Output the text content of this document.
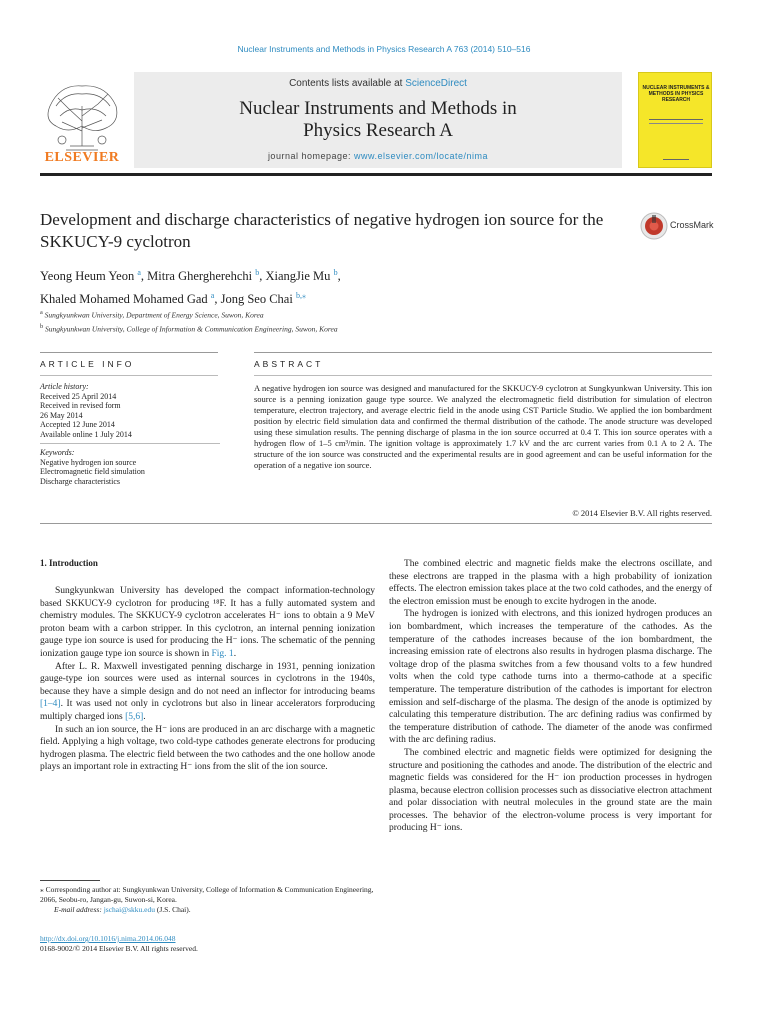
Nuclear Instruments and Methods in Physics Research A 763 (2014) 510–516
ELSEVIER
Contents lists available at ScienceDirect
Nuclear Instruments and Methods in
Physics Research A
journal homepage: www.elsevier.com/locate/nima
NUCLEAR INSTRUMENTS & METHODS IN PHYSICS RESEARCH
Development and discharge characteristics of negative hydrogen ion source for the SKKUCY-9 cyclotron
CrossMark
Yeong Heum Yeon $^a$, Mitra Ghergherehchi $^b$, XiangJie Mu $^b$,
Khaled Mohamed Mohamed Gad $^a$, Jong Seo Chai $^{b,⁎}$
$^a$ Sungkyunkwan University, Department of Energy Science, Suwon, Korea
$^b$ Sungkyunkwan University, College of Information & Communication Engineering, Suwon, Korea
ARTICLE INFO	ABSTRACT
Article history:
Received 25 April 2014
Received in revised form
26 May 2014
Accepted 12 June 2014
Available online 1 July 2014
Keywords:
Negative hydrogen ion source
Electromagnetic field simulation
Discharge characteristics
A negative hydrogen ion source was designed and manufactured for the SKKUCY-9 cyclotron at Sungkyunkwan University. This ion source is a penning ionization gauge type source. We analyzed the electromagnetic field distribution for simulation of electron temperature, electron trajectory, and average electric field in the anode using CST Particle Studio. We applied the ion bombardment position by electric field simulation data and confirmed the thermal distribution of the cathode. The anode structure was developed using these simulation results. The penning discharge of plasma in the ion source occurred at 0.4 T. This ion source operates with a hydrogen flow of 1–5 cm³/min. The ignition voltage is approximately 1.7 kV and the arc current varies from 0.1 A to 2 A. The structure of the ion source was constructed and the experimental results are in good agreement and can be useful information for the operation of a negative ion source.
© 2014 Elsevier B.V. All rights reserved.
1. Introduction

Sungkyunkwan University has developed the compact information-technology based SKKUCY-9 cyclotron for producing ¹⁸F. It has a fully automated system and chemistry modules. The SKKUCY-9 cyclotron accelerates H⁻ ions to obtain a 9 MeV proton beam with a carbon stripper. In this cyclotron, an internal penning ionization gauge type ion source is used for producing the H⁻ ions. The schematic of the penning ionization gauge type ion source is shown in Fig. 1.

After L. R. Maxwell investigated penning discharge in 1931, penning ionization gauge-type ion sources were used as internal sources in cyclotrons in the 1940s, because they have a simple design and do not need an inflector for introducing beams [1–4]. It was used not only in cyclotrons but also in linear accelerators forproducing multiply charged ions [5,6].

In such an ion source, the H⁻ ions are produced in an arc discharge with a magnetic field. Applying a high voltage, two cold-type cathodes generate electrons for producing hydrogen plasma. The electric field between the two cathodes and the one hollow anode plays an important role in extracting H⁻ ions from the slit of the ion source.

The combined electric and magnetic fields make the electrons oscillate, and these electrons are trapped in the plasma with a high probability of ionization effects. The electron emission takes place at the two cold cathodes, and the energy of the electron emission must be enough to excite hydrogen in the anode.

The hydrogen is ionized with electrons, and this ionized hydrogen produces an ion bombardment, which increases the temperature of the cathodes. As the temperature of the cathodes increases because of the ion bombardment, the increasing emission rate of electrons also results in hydrogen plasma discharge. The voltage drop of the plasma switches from a few thousand volts to a few hundred volts when the cold type cathode turns into a thermo-cathode at a specific temperature. The temperature distribution of the cathodes is important for electron emission and self-discharge of the plasma. The design of the anode is optimized by calculating this temperature distribution. The arc defining radius was confirmed by the temperature distribution of cathode. The diameter of the anode was confirmed with the arc defining radius.

The combined electric and magnetic fields were optimized for designing the structure and positioning the cathodes and anode. The distribution of the electric and magnetic fields was considered for the H⁻ ion production processes in hydrogen plasma, because electron collision processes such as dissociative electron attachment and polar dissociation with neutral molecules in the ground state are the main processes. The behavior of the electron-volume process is very important for producing H⁻ ions.

⁎ Corresponding author at: Sungkyunkwan University, College of Information & Communication Engineering, 2066, Seobu-ro, Jangan-gu, Suwon-si, Korea.
E-mail address: jschai@skku.edu (J.S. Chai).
http://dx.doi.org/10.1016/j.nima.2014.06.048
0168-9002/© 2014 Elsevier B.V. All rights reserved.
